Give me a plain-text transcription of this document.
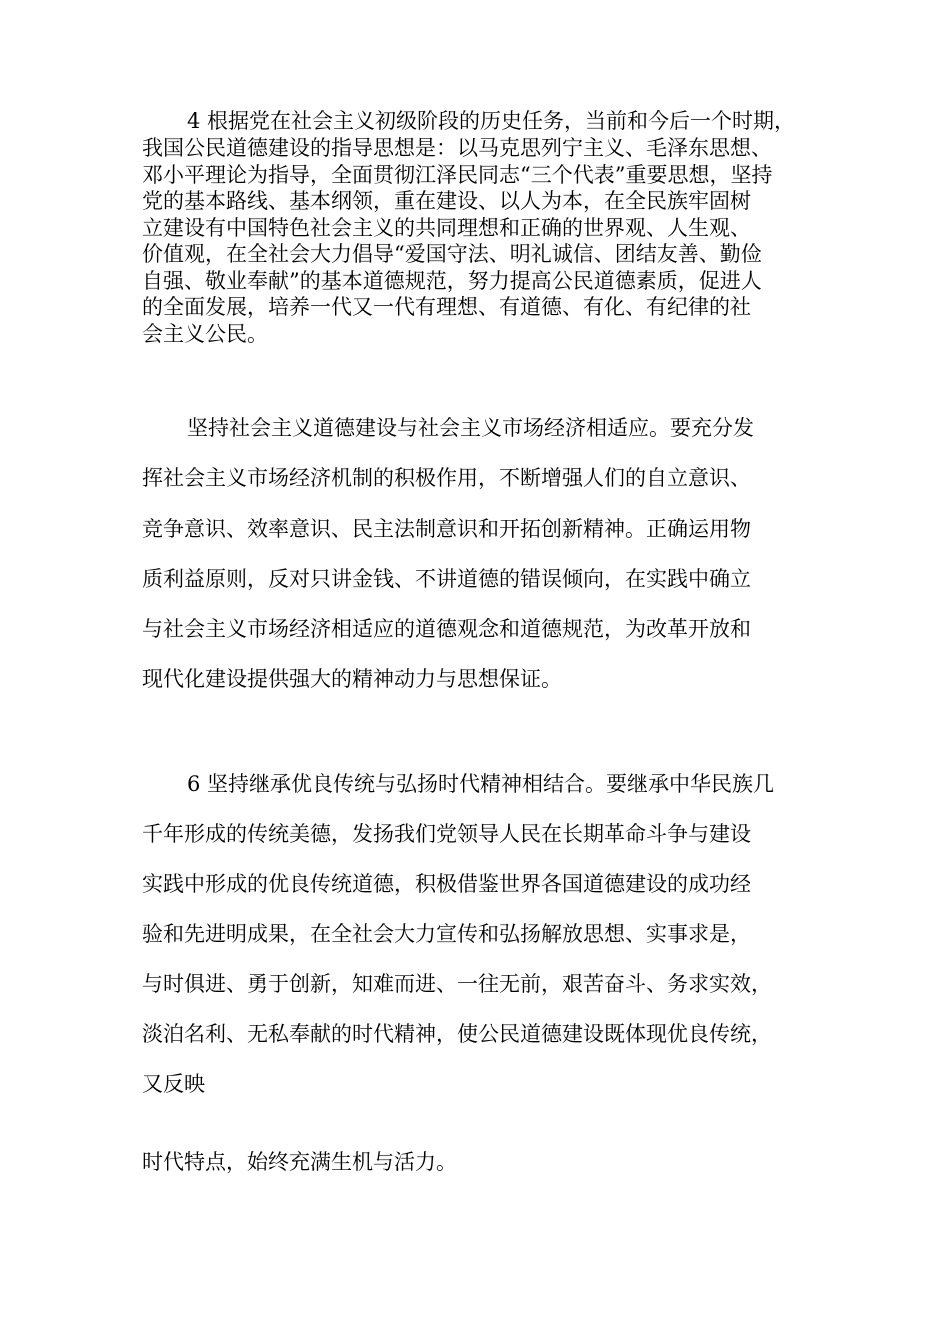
4 根据党在社会主义初级阶段的历史任务，当前和今后一个时期，
我国公民道德建设的指导思想是：以马克思列宁主义、毛泽东思想、
邓小平理论为指导，全面贯彻江泽民同志“三个代表”重要思想，坚持
党的基本路线、基本纲领，重在建设、以人为本，在全民族牢固树
立建设有中国特色社会主义的共同理想和正确的世界观、人生观、
价值观，在全社会大力倡导“爱国守法、明礼诚信、团结友善、勤俭
自强、敬业奉献”的基本道德规范，努力提高公民道德素质，促进人
的全面发展，培养一代又一代有理想、有道德、有化、有纪律的社
会主义公民。
坚持社会主义道德建设与社会主义市场经济相适应。要充分发
挥社会主义市场经济机制的积极作用，不断增强人们的自立意识、
竞争意识、效率意识、民主法制意识和开拓创新精神。正确运用物
质利益原则，反对只讲金钱、不讲道德的错误倾向，在实践中确立
与社会主义市场经济相适应的道德观念和道德规范，为改革开放和
现代化建设提供强大的精神动力与思想保证。
6 坚持继承优良传统与弘扬时代精神相结合。要继承中华民族几
千年形成的传统美德，发扬我们党领导人民在长期革命斗争与建设
实践中形成的优良传统道德，积极借鉴世界各国道德建设的成功经
验和先进明成果，在全社会大力宣传和弘扬解放思想、实事求是，
与时俱进、勇于创新，知难而进、一往无前，艰苦奋斗、务求实效，
淡泊名利、无私奉献的时代精神，使公民道德建设既体现优良传统，
又反映
时代特点，始终充满生机与活力。
